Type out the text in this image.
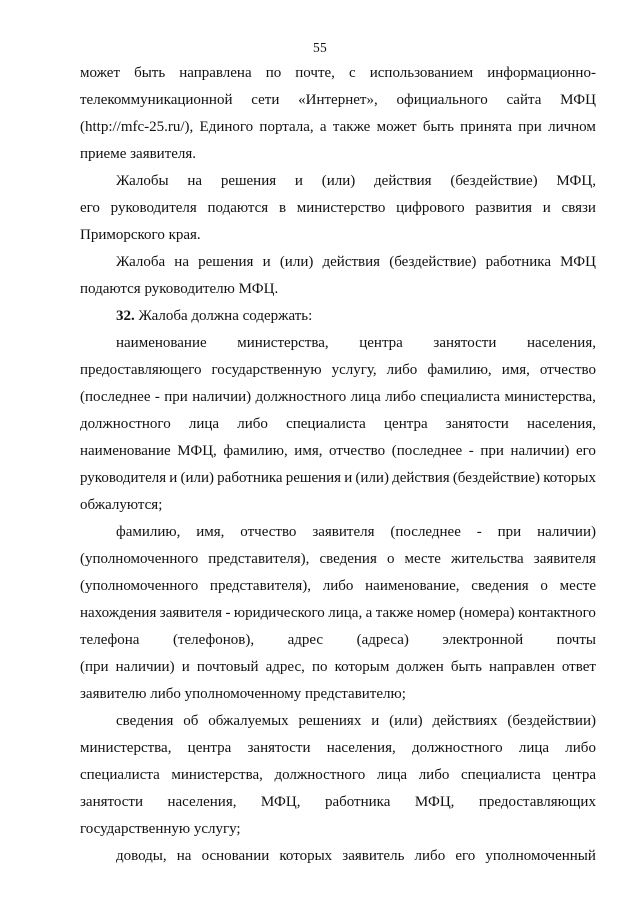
55
может быть направлена по почте, с использованием информационно-
телекоммуникационной сети «Интернет», официального сайта МФЦ
(http://mfc-25.ru/), Единого портала, а также может быть принята при личном
приеме заявителя.
Жалобы на решения и (или) действия (бездействие) МФЦ,
его руководителя подаются в министерство цифрового развития и связи
Приморского края.
Жалоба на решения и (или) действия (бездействие) работника МФЦ
подаются руководителю МФЦ.
32. Жалоба должна содержать:
наименование министерства, центра занятости населения,
предоставляющего государственную услугу, либо фамилию, имя, отчество
(последнее - при наличии) должностного лица либо специалиста министерства,
должностного лица либо специалиста центра занятости населения,
наименование МФЦ, фамилию, имя, отчество (последнее - при наличии) его
руководителя и (или) работника решения и (или) действия (бездействие) которых
обжалуются;
фамилию, имя, отчество заявителя (последнее - при наличии)
(уполномоченного представителя), сведения о месте жительства заявителя
(уполномоченного представителя), либо наименование, сведения о месте
нахождения заявителя - юридического лица, а также номер (номера) контактного
телефона (телефонов), адрес (адреса) электронной почты
(при наличии) и почтовый адрес, по которым должен быть направлен ответ
заявителю либо уполномоченному представителю;
сведения об обжалуемых решениях и (или) действиях (бездействии)
министерства, центра занятости населения, должностного лица либо
специалиста министерства, должностного лица либо специалиста центра
занятости населения, МФЦ, работника МФЦ, предоставляющих
государственную услугу;
доводы, на основании которых заявитель либо его уполномоченный
